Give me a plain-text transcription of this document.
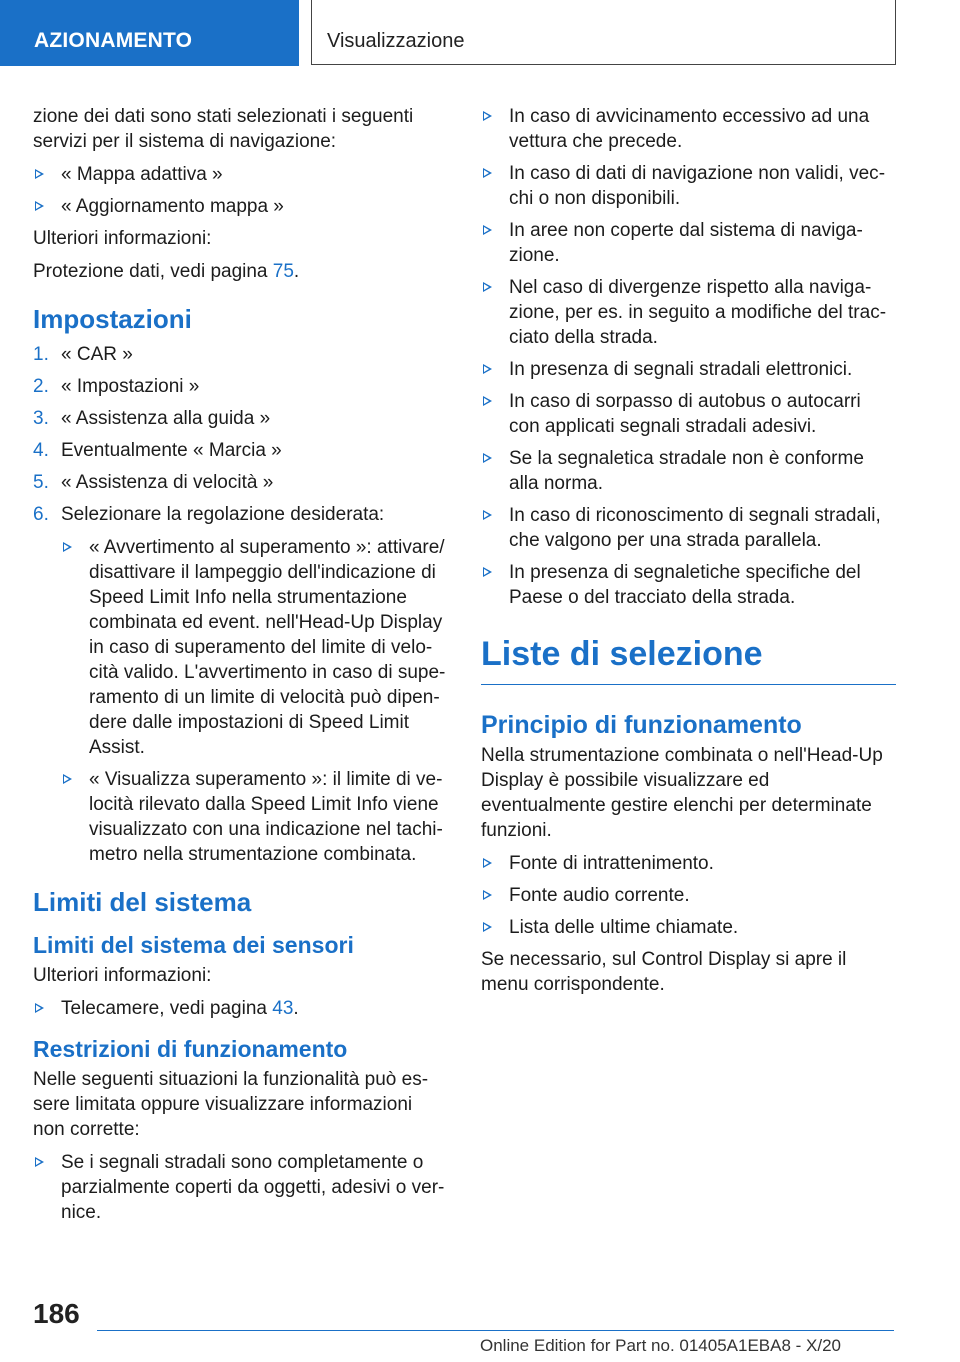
AZIONAMENTO	Visualizzazione

zione dei dati sono stati selezionati i seguenti servizi per il sistema di navigazione:

« Mappa adattiva »
« Aggiornamento mappa »

Ulteriori informazioni:

Protezione dati, vedi pagina 75.

Impostazioni
1. « CAR »
2. « Impostazioni »
3. « Assistenza alla guida »
4. Eventualmente « Marcia »
5. « Assistenza di velocità »
6. Selezionare la regolazione desiderata:
« Avvertimento al superamento »: attivare/ disattivare il lampeggio dell'indicazione di Speed Limit Info nella strumentazione combinata ed event. nell'Head-Up Display in caso di superamento del limite di velocità valido. L'avvertimento in caso di superamento di un limite di velocità può dipendere dalle impostazioni di Speed Limit Assist.
« Visualizza superamento »: il limite di velocità rilevato dalla Speed Limit Info viene visualizzato con una indicazione nel tachimetro nella strumentazione combinata.
Limiti del sistema
Limiti del sistema dei sensori

Ulteriori informazioni:

Telecamere, vedi pagina 43.
Restrizioni di funzionamento

Nelle seguenti situazioni la funzionalità può essere limitata oppure visualizzare informazioni non corrette:

Se i segnali stradali sono completamente o parzialmente coperti da oggetti, adesivi o vernice.
In caso di avvicinamento eccessivo ad una vettura che precede.
In caso di dati di navigazione non validi, vecchi o non disponibili.
In aree non coperte dal sistema di navigazione.
Nel caso di divergenze rispetto alla navigazione, per es. in seguito a modifiche del tracciato della strada.
In presenza di segnali stradali elettronici.
In caso di sorpasso di autobus o autocarri con applicati segnali stradali adesivi.
Se la segnaletica stradale non è conforme alla norma.
In caso di riconoscimento di segnali stradali, che valgono per una strada parallela.
In presenza di segnaletiche specifiche del Paese o del tracciato della strada.
Liste di selezione
Principio di funzionamento

Nella strumentazione combinata o nell'Head-Up Display è possibile visualizzare ed eventualmente gestire elenchi per determinate funzioni.

Fonte di intrattenimento.
Fonte audio corrente.
Lista delle ultime chiamate.

Se necessario, sul Control Display si apre il menu corrispondente.

186
Online Edition for Part no. 01405A1EBA8 - X/20
